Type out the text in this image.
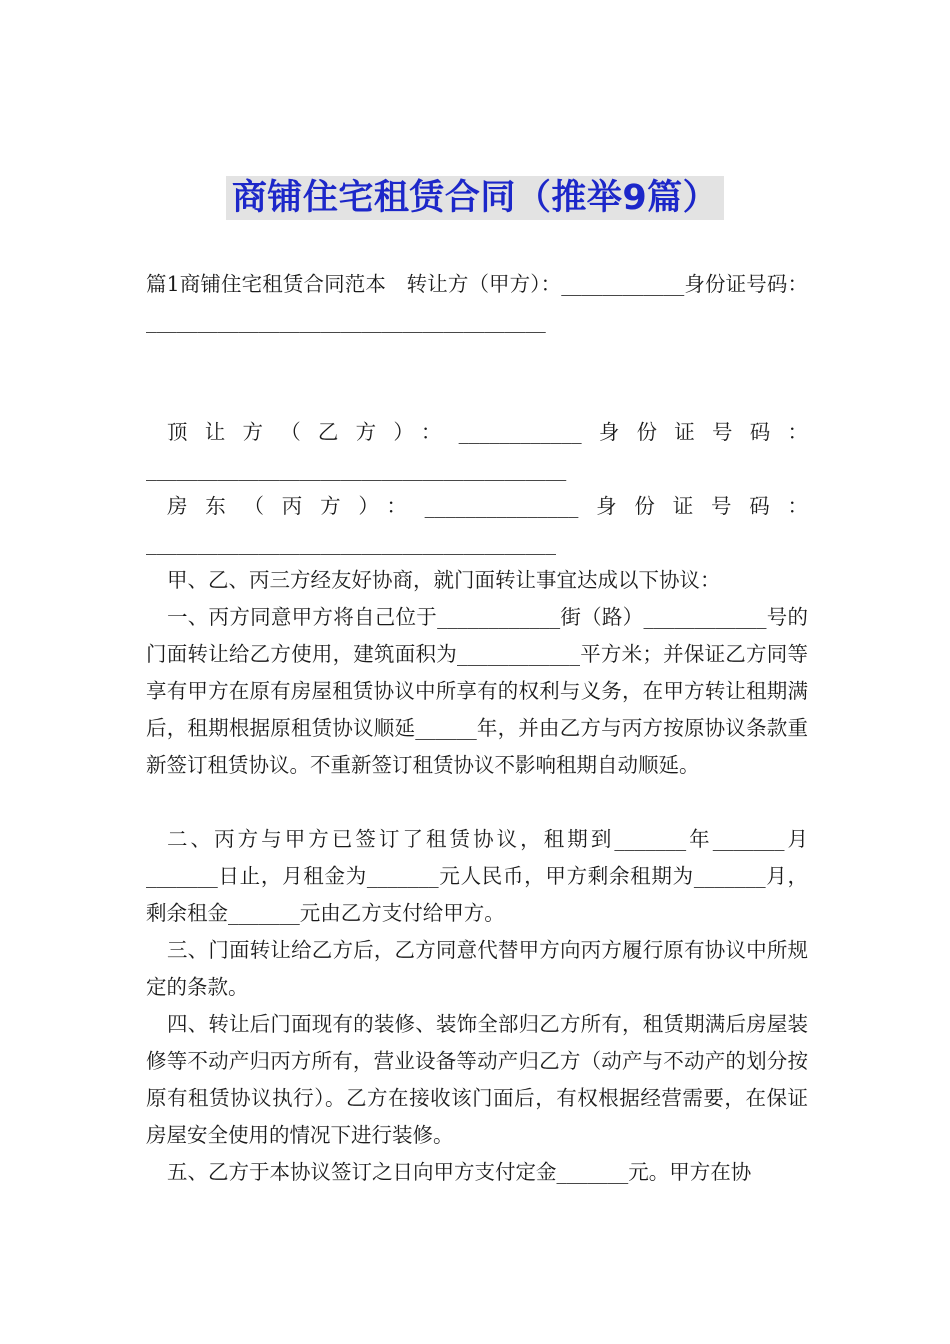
商铺住宅租赁合同（推举9篇）

篇1商铺住宅租赁合同范本　转让方（甲方）：____________身份证号码：_______________________________________

顶让方（乙方）：____________身份证号码：_________________________________________

房东（丙方）：_______________身份证号码：________________________________________

甲、乙、丙三方经友好协商，就门面转让事宜达成以下协议：

一、丙方同意甲方将自己位于____________街（路）____________号的门面转让给乙方使用，建筑面积为____________平方米；并保证乙方同等享有甲方在原有房屋租赁协议中所享有的权利与义务，在甲方转让租期满后，租期根据原租赁协议顺延______年，并由乙方与丙方按原协议条款重新签订租赁协议。不重新签订租赁协议不影响租期自动顺延。

二、丙方与甲方已签订了租赁协议，租期到_______年_______月_______日止，月租金为_______元人民币，甲方剩余租期为_______月，剩余租金_______元由乙方支付给甲方。

三、门面转让给乙方后，乙方同意代替甲方向丙方履行原有协议中所规定的条款。

四、转让后门面现有的装修、装饰全部归乙方所有，租赁期满后房屋装修等不动产归丙方所有，营业设备等动产归乙方（动产与不动产的划分按原有租赁协议执行）。乙方在接收该门面后，有权根据经营需要，在保证房屋安全使用的情况下进行装修。

五、乙方于本协议签订之日向甲方支付定金_______元。甲方在协
